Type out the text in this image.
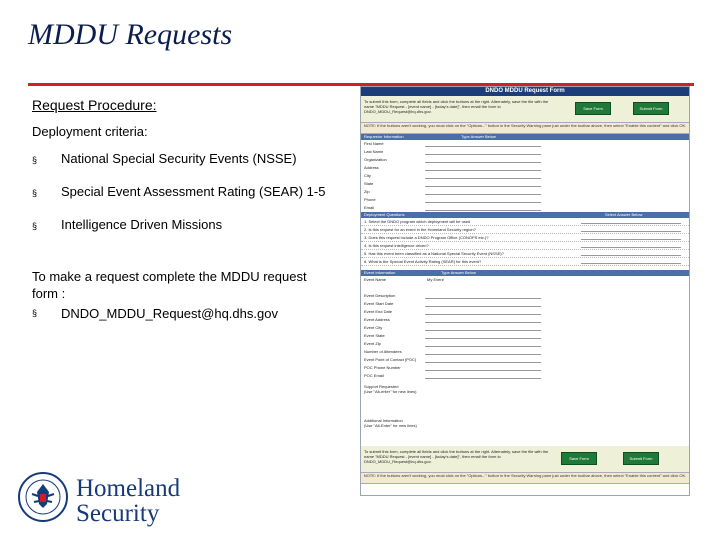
MDDU Requests
Request Procedure:
Deployment criteria:
§	National Special Security Events (NSSE)
§	Special Event Assessment Rating (SEAR) 1-5
§	Intelligence Driven Missions
To make a request complete the MDDU request form :
§	DNDO_MDDU_Request@hq.dhs.gov
DNDO MDDU Request Form
To submit this form, complete all fields and click the buttons at the right. Alternately, save the file with the name "MDDU Request - [event name] - [today's date]", then email the form to DNDO_MDDU_Request@hq.dhs.gov.
Save Form	Submit Form
NOTE: If the buttons aren't working, you must click on the "Options..." button in the Security Warning pane just under the toolbar above, then select "Enable this content" and click OK.
Requestor Information	Type Answer Below
First Name
Last Name
Organization
Address
City
State
Zip
Phone
Email
Deployment Questions	Select Answer Below
1. Select the DNDO program which deployment will be used
2. Is this request for an event in the Homeland Security region?
3. Does this request include a DNDO Program Office (CONOPS etc.)?
4. Is this request intelligence driven?
5. Has this event been classified as a National Special Security Event (NSSE)?
6. What is the Special Event Activity Rating (SEAR) for this event?
Event Information	Type Answer Below
Event Name	My Event
Event Description
Event Start Date
Event End Date
Event Address
Event City
Event State
Event Zip
Number of Attendees
Event Point of Contact (POC)
POC Phone Number
POC Email
Support Requested
(Use "Alt-enter" for new lines)
Additional Information
(Use "Alt-Enter" for new lines)
To submit this form, complete all fields and click the buttons at the right. Alternately, save the file with the name "MDDU Request - [event name] - [today's date]", then email the form to DNDO_MDDU_Request@hq.dhs.gov.
Save Form	Submit Form
NOTE: If the buttons aren't working, you must click on the "Options..." button in the Security Warning pane just under the toolbar above, then select "Enable this content" and click OK.
Homeland
Security
